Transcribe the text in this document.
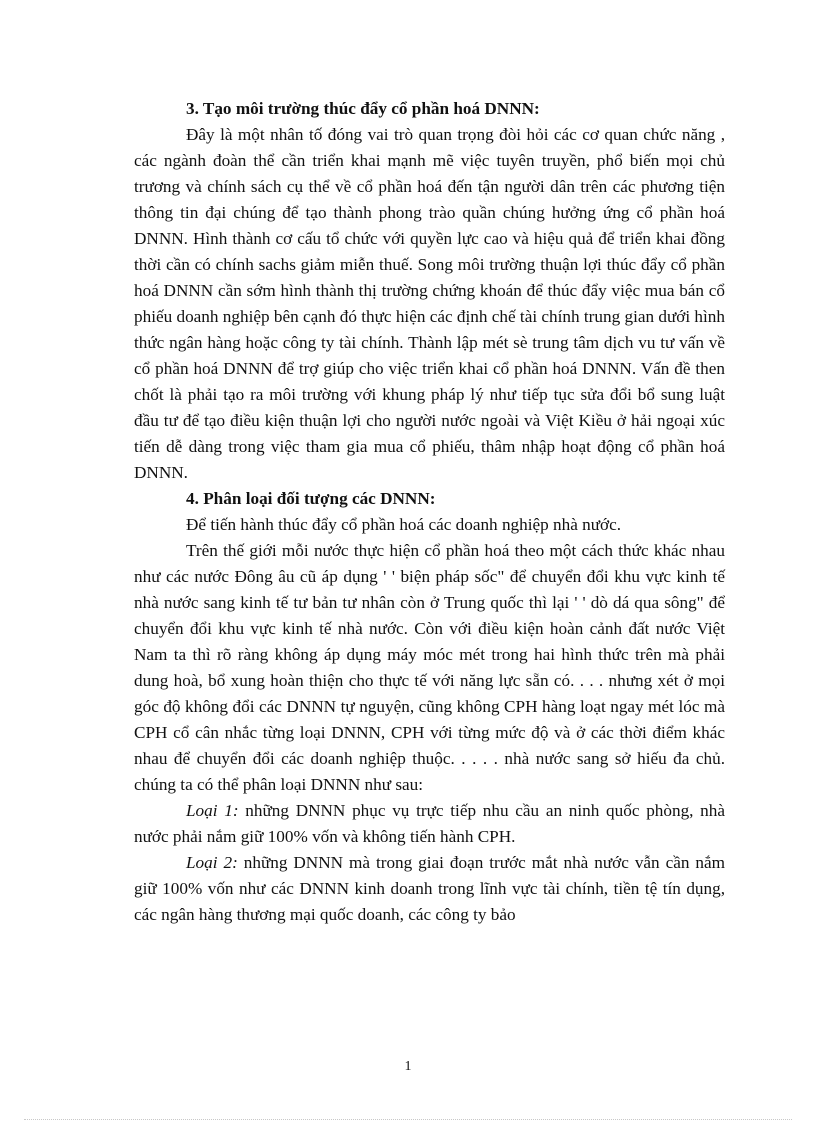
3. Tạo môi trường thúc đẩy cổ phần hoá DNNN:

Đây là một nhân tố đóng vai trò quan trọng đòi hỏi các cơ quan chức năng , các ngành đoàn thể cần triển khai mạnh mẽ việc tuyên truyền, phổ biến mọi chủ trương và chính sách cụ thể về cổ phần hoá đến tận người dân trên các phương tiện thông tin đại chúng để tạo thành phong trào quần chúng hưởng ứng cổ phần hoá DNNN. Hình thành cơ cấu tổ chức với quyền lực cao và hiệu quả để triển khai đồng thời cần có chính sachs giảm miễn thuế. Song môi trường thuận lợi thúc đẩy cổ phần hoá DNNN cần sớm hình thành thị trường chứng khoán để thúc đẩy việc mua bán cổ phiếu doanh nghiệp bên cạnh đó thực hiện các định chế tài chính trung gian dưới hình thức ngân hàng hoặc công ty tài chính. Thành lập mét sè trung tâm dịch vu tư vấn về cổ phần hoá DNNN để trợ giúp cho việc triển khai cổ phần hoá DNNN. Vấn đề then chốt là phải tạo ra môi trường với khung pháp lý như tiếp tục sửa đổi bổ sung luật đầu tư để tạo điều kiện thuận lợi cho người nước ngoài và Việt Kiều ở hải ngoại xúc tiến dễ dàng trong việc tham gia mua cổ phiếu, thâm nhập hoạt động cổ phần hoá DNNN.

4. Phân loại đối tượng các DNNN:

Để tiến hành thúc đẩy cổ phần hoá các doanh nghiệp nhà nước.

Trên thế giới mỗi nước thực hiện cổ phần hoá theo một cách thức khác nhau như các nước Đông âu cũ áp dụng ' ' biện pháp sốc" để chuyển đổi khu vực kinh tế nhà nước sang kinh tế tư bản tư nhân còn ở Trung quốc thì lại ' ' dò dá qua sông" để chuyển đổi khu vực kinh tế nhà nước. Còn với điều kiện hoàn cảnh đất nước Việt Nam ta thì rõ ràng không áp dụng máy móc mét trong hai hình thức trên mà phải dung hoà, bổ xung hoàn thiện cho thực tế với năng lực sẵn có. . . . nhưng xét ở mọi góc độ không đổi các DNNN tự nguyện, cũng không CPH hàng loạt ngay mét lóc mà CPH cổ cân nhắc từng loại DNNN, CPH với từng mức độ và ở các thời điểm khác nhau để chuyển đổi các doanh nghiệp thuộc. . . . . nhà nước sang sở hiếu đa chủ. chúng ta có thể phân loại DNNN như sau:

Loại 1: những DNNN phục vụ trực tiếp nhu cầu an ninh quốc phòng, nhà nước phải nắm giữ 100% vốn và không tiến hành CPH.

Loại 2: những DNNN mà trong giai đoạn trước mắt nhà nước vẫn cần nắm giữ 100% vốn như các DNNN kinh doanh trong lĩnh vực tài chính, tiền tệ tín dụng, các ngân hàng thương mại quốc doanh, các công ty bảo

1
